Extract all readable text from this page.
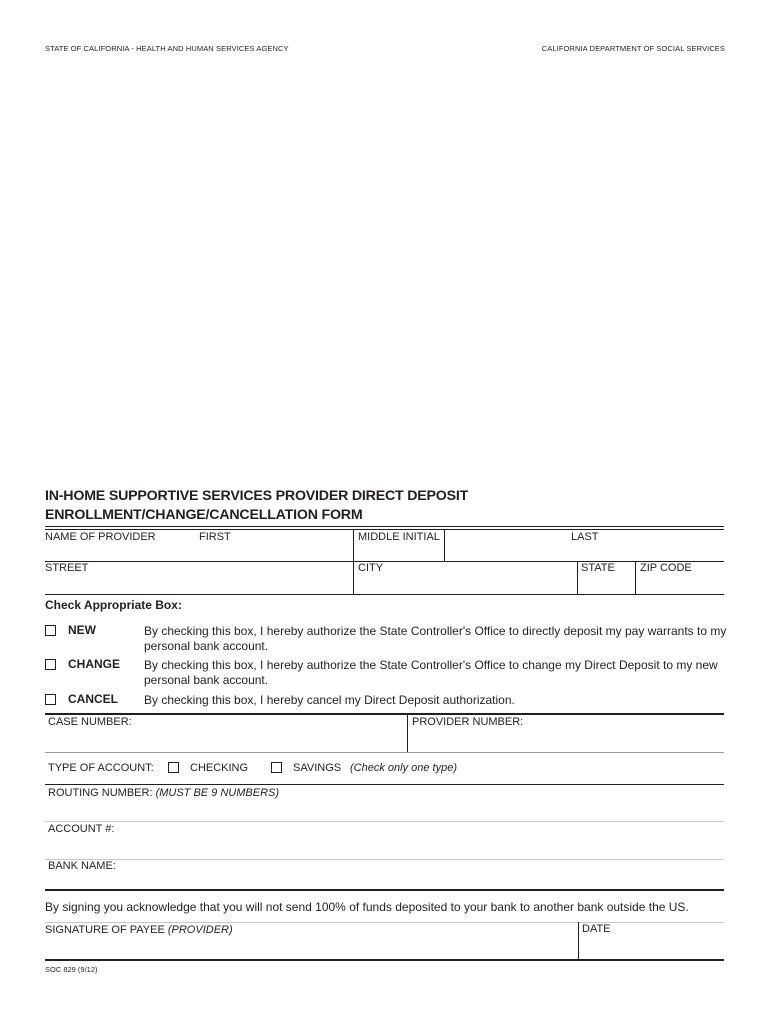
STATE OF CALIFORNIA - HEALTH AND HUMAN SERVICES AGENCY	CALIFORNIA DEPARTMENT OF SOCIAL SERVICES
IN-HOME SUPPORTIVE SERVICES PROVIDER DIRECT DEPOSIT
ENROLLMENT/CHANGE/CANCELLATION FORM
NAME OF PROVIDER	FIRST	MIDDLE INITIAL	LAST
STREET	CITY	STATE ZIP CODE
Check Appropriate Box:
NEW	By checking this box, I hereby authorize the State Controller's Office to directly deposit my pay warrants to my personal bank account.
CHANGE By checking this box, I hereby authorize the State Controller's Office to change my Direct Deposit to my new personal bank account.
CANCEL By checking this box, I hereby cancel my Direct Deposit authorization.
CASE NUMBER:	PROVIDER NUMBER:
TYPE OF ACCOUNT:	CHECKING	SAVINGS (Check only one type)
ROUTING NUMBER: (MUST BE 9 NUMBERS)
ACCOUNT #:
BANK NAME:
By signing you acknowledge that you will not send 100% of funds deposited to your bank to another bank outside the US.
SIGNATURE OF PAYEE (PROVIDER)	DATE
SOC 829 (9/12)
